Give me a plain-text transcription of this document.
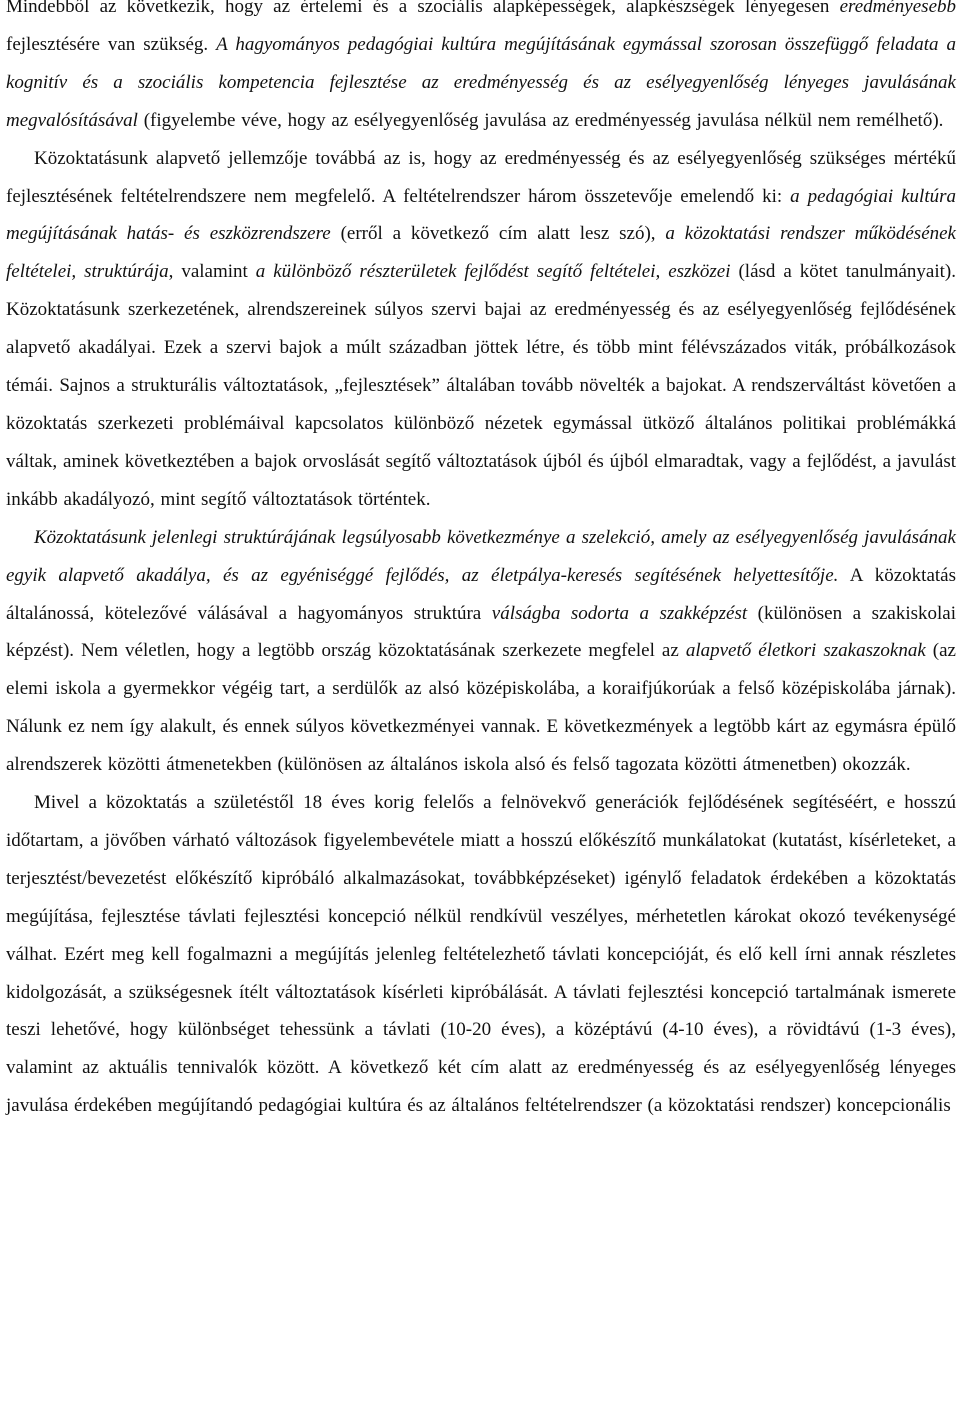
Mindebből az következik, hogy az értelemi és a szociális alapképességek, alapkészségek lényegesen eredményesebb fejlesztésére van szükség. A hagyományos pedagógiai kultúra megújításának egymással szorosan összefüggő feladata a kognitív és a szociális kompetencia fejlesztése az eredményesség és az esélyegyenlőség lényeges javulásának megvalósításával (figyelembe véve, hogy az esélyegyenlőség javulása az eredményesség javulása nélkül nem remélhető).

Közoktatásunk alapvető jellemzője továbbá az is, hogy az eredményesség és az esélyegyenlőség szükséges mértékű fejlesztésének feltételrendszere nem megfelelő. A feltételrendszer három összetevője emelendő ki: a pedagógiai kultúra megújításának hatás- és eszközrendszere (erről a következő cím alatt lesz szó), a közoktatási rendszer működésének feltételei, struktúrája, valamint a különböző részterületek fejlődést segítő feltételei, eszközei (lásd a kötet tanulmányait). Közoktatásunk szerkezetének, alrendszereinek súlyos szervi bajai az eredményesség és az esélyegyenlőség fejlődésének alapvető akadályai. Ezek a szervi bajok a múlt században jöttek létre, és több mint félévszázados viták, próbálkozások témái. Sajnos a strukturális változtatások, „fejlesztések” általában tovább növelték a bajokat. A rendszerváltást követően a közoktatás szerkezeti problémáival kapcsolatos különböző nézetek egymással ütköző általános politikai problémákká váltak, aminek következtében a bajok orvoslását segítő változtatások újból és újból elmaradtak, vagy a fejlődést, a javulást inkább akadályozó, mint segítő változtatások történtek.

Közoktatásunk jelenlegi struktúrájának legsúlyosabb következménye a szelekció, amely az esélyegyenlőség javulásának egyik alapvető akadálya, és az egyéniséggé fejlődés, az életpálya-keresés segítésének helyettesítője. A közoktatás általánossá, kötelezővé válásával a hagyományos struktúra válságba sodorta a szakképzést (különösen a szakiskolai képzést). Nem véletlen, hogy a legtöbb ország közoktatásának szerkezete megfelel az alapvető életkori szakaszoknak (az elemi iskola a gyermekkor végéig tart, a serdülők az alsó középiskolába, a koraifjúkorúak a felső középiskolába járnak). Nálunk ez nem így alakult, és ennek súlyos következményei vannak. E következmények a legtöbb kárt az egymásra épülő alrendszerek közötti átmenetekben (különösen az általános iskola alsó és felső tagozata közötti átmenetben) okozzák.

Mivel a közoktatás a születéstől 18 éves korig felelős a felnövekvő generációk fejlődésének segítéséért, e hosszú időtartam, a jövőben várható változások figyelembevétele miatt a hosszú előkészítő munkálatokat (kutatást, kísérleteket, a terjesztést/bevezetést előkészítő kipróbáló alkalmazásokat, továbbképzéseket) igénylő feladatok érdekében a közoktatás megújítása, fejlesztése távlati fejlesztési koncepció nélkül rendkívül veszélyes, mérhetetlen károkat okozó tevékenységé válhat. Ezért meg kell fogalmazni a megújítás jelenleg feltételezhető távlati koncepcióját, és elő kell írni annak részletes kidolgozását, a szükségesnek ítélt változtatások kísérleti kipróbálását. A távlati fejlesztési koncepció tartalmának ismerete teszi lehetővé, hogy különbséget tehessünk a távlati (10-20 éves), a középtávú (4-10 éves), a rövidtávú (1-3 éves), valamint az aktuális tennivalók között. A következő két cím alatt az eredményesség és az esélyegyenlőség lényeges javulása érdekében megújítandó pedagógiai kultúra és az általános feltételrendszer (a közoktatási rendszer) koncepcionális
